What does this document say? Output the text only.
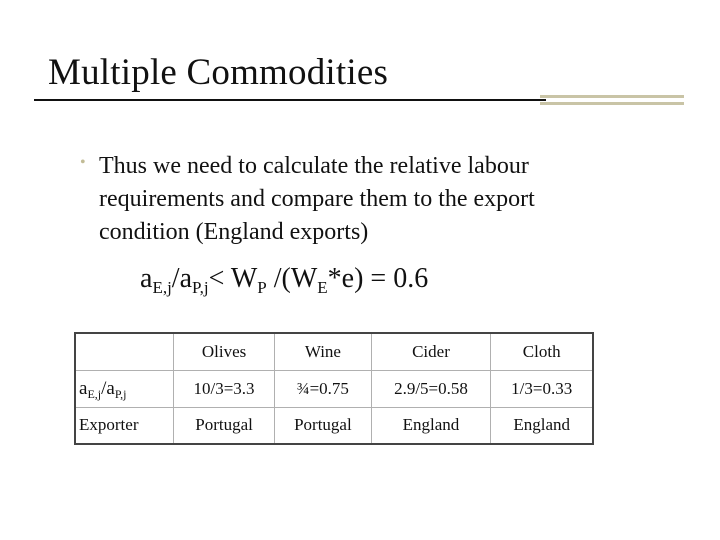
Multiple Commodities
• Thus we need to calculate the relative labour requirements and compare them to the export condition (England exports)
$a_{E,j}/a_{P,j}< W_P$ $/(W_E*e) = 0.6$
	Olives	Wine	Cider	Cloth
$a_{E,j}/a_{P,j}$	10/3=3.3	¾=0.75	2.9/5=0.58	1/3=0.33
Exporter	Portugal	Portugal	England	England
